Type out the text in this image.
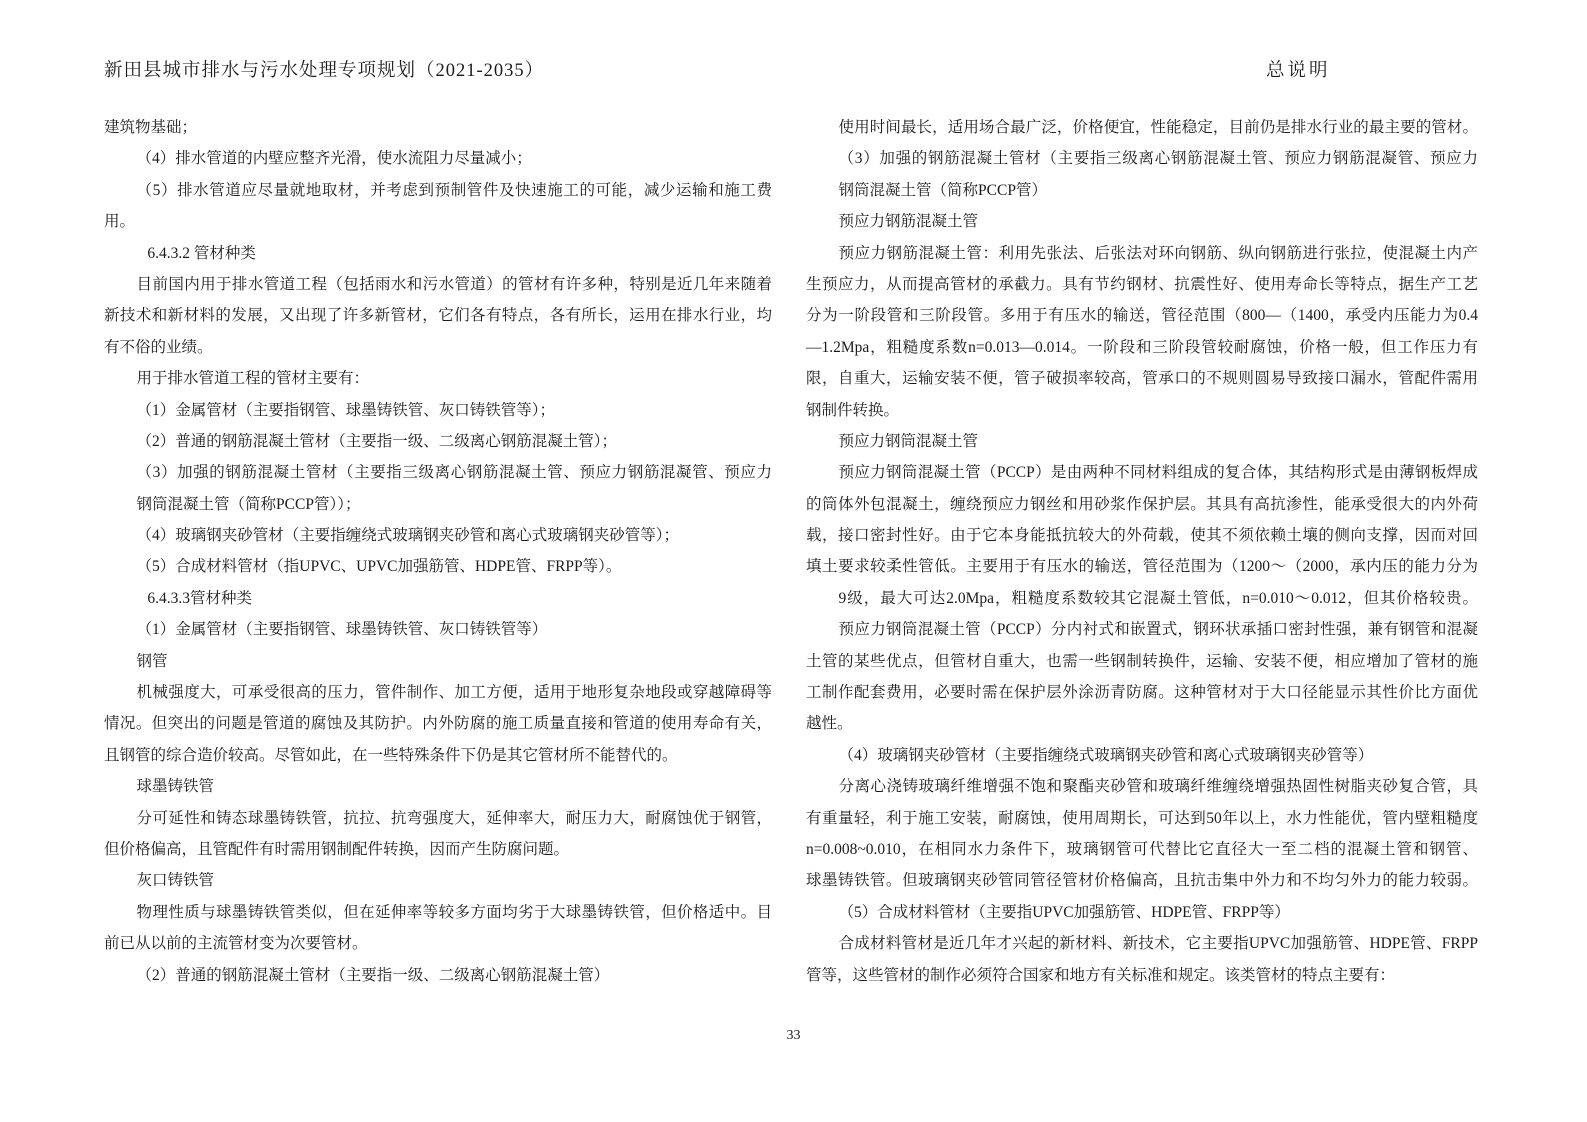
新田县城市排水与污水处理专项规划（2021-2035）	总说明
建筑物基础；
（4）排水管道的内壁应整齐光滑，使水流阻力尽量减小；
（5）排水管道应尽量就地取材，并考虑到预制管件及快速施工的可能，减少运输和施工费
用。
6.4.3.2 管材种类
目前国内用于排水管道工程（包括雨水和污水管道）的管材有许多种，特别是近几年来随着
新技术和新材料的发展，又出现了许多新管材，它们各有特点，各有所长，运用在排水行业，均
有不俗的业绩。
用于排水管道工程的管材主要有：
（1）金属管材（主要指钢管、球墨铸铁管、灰口铸铁管等）；
（2）普通的钢筋混凝土管材（主要指一级、二级离心钢筋混凝土管）；
（3）加强的钢筋混凝土管材（主要指三级离心钢筋混凝土管、预应力钢筋混凝管、预应力
钢筒混凝土管（简称PCCP管））；
（4）玻璃钢夹砂管材（主要指缠绕式玻璃钢夹砂管和离心式玻璃钢夹砂管等）；
（5）合成材料管材（指UPVC、UPVC加强筋管、HDPE管、FRPP等）。
6.4.3.3管材种类
（1）金属管材（主要指钢管、球墨铸铁管、灰口铸铁管等）
钢管
机械强度大，可承受很高的压力，管件制作、加工方便，适用于地形复杂地段或穿越障碍等
情况。但突出的问题是管道的腐蚀及其防护。内外防腐的施工质量直接和管道的使用寿命有关，
且钢管的综合造价较高。尽管如此，在一些特殊条件下仍是其它管材所不能替代的。
球墨铸铁管
分可延性和铸态球墨铸铁管，抗拉、抗弯强度大，延伸率大，耐压力大，耐腐蚀优于钢管，
但价格偏高，且管配件有时需用钢制配件转换，因而产生防腐问题。
灰口铸铁管
物理性质与球墨铸铁管类似，但在延伸率等较多方面均劣于大球墨铸铁管，但价格适中。目
前已从以前的主流管材变为次要管材。
（2）普通的钢筋混凝土管材（主要指一级、二级离心钢筋混凝土管）
使用时间最长，适用场合最广泛，价格便宜，性能稳定，目前仍是排水行业的最主要的管材。
（3）加强的钢筋混凝土管材（主要指三级离心钢筋混凝土管、预应力钢筋混凝管、预应力
钢筒混凝土管（简称PCCP管）
预应力钢筋混凝土管
预应力钢筋混凝土管：利用先张法、后张法对环向钢筋、纵向钢筋进行张拉，使混凝土内产
生预应力，从而提高管材的承截力。具有节约钢材、抗震性好、使用寿命长等特点，据生产工艺
分为一阶段管和三阶段管。多用于有压水的输送，管径范围（800—（1400，承受内压能力为0.4
—1.2Mpa，粗糙度系数n=0.013—0.014。一阶段和三阶段管较耐腐蚀，价格一般，但工作压力有
限，自重大，运输安装不便，管子破损率较高，管承口的不规则圆易导致接口漏水，管配件需用
钢制件转换。
预应力钢筒混凝土管
预应力钢筒混凝土管（PCCP）是由两种不同材料组成的复合体，其结构形式是由薄钢板焊成
的筒体外包混凝土，缠绕预应力钢丝和用砂浆作保护层。其具有高抗渗性，能承受很大的内外荷
载，接口密封性好。由于它本身能抵抗较大的外荷载，使其不须依赖土壤的侧向支撑，因而对回
填土要求较柔性管低。主要用于有压水的输送，管径范围为（1200～（2000，承内压的能力分为
9级，最大可达2.0Mpa，粗糙度系数较其它混凝土管低，n=0.010～0.012，但其价格较贵。
预应力钢筒混凝土管（PCCP）分内衬式和嵌置式，钢环状承插口密封性强，兼有钢管和混凝
土管的某些优点，但管材自重大，也需一些钢制转换件，运输、安装不便，相应增加了管材的施
工制作配套费用，必要时需在保护层外涂沥青防腐。这种管材对于大口径能显示其性价比方面优
越性。
（4）玻璃钢夹砂管材（主要指缠绕式玻璃钢夹砂管和离心式玻璃钢夹砂管等）
分离心浇铸玻璃纤维增强不饱和聚酯夹砂管和玻璃纤维缠绕增强热固性树脂夹砂复合管，具
有重量轻，利于施工安装，耐腐蚀，使用周期长，可达到50年以上，水力性能优，管内壁粗糙度
n=0.008~0.010，在相同水力条件下，玻璃钢管可代替比它直径大一至二档的混凝土管和钢管、
球墨铸铁管。但玻璃钢夹砂管同管径管材价格偏高，且抗击集中外力和不均匀外力的能力较弱。
（5）合成材料管材（主要指UPVC加强筋管、HDPE管、FRPP等）
合成材料管材是近几年才兴起的新材料、新技术，它主要指UPVC加强筋管、HDPE管、FRPP
管等，这些管材的制作必须符合国家和地方有关标准和规定。该类管材的特点主要有：
33
